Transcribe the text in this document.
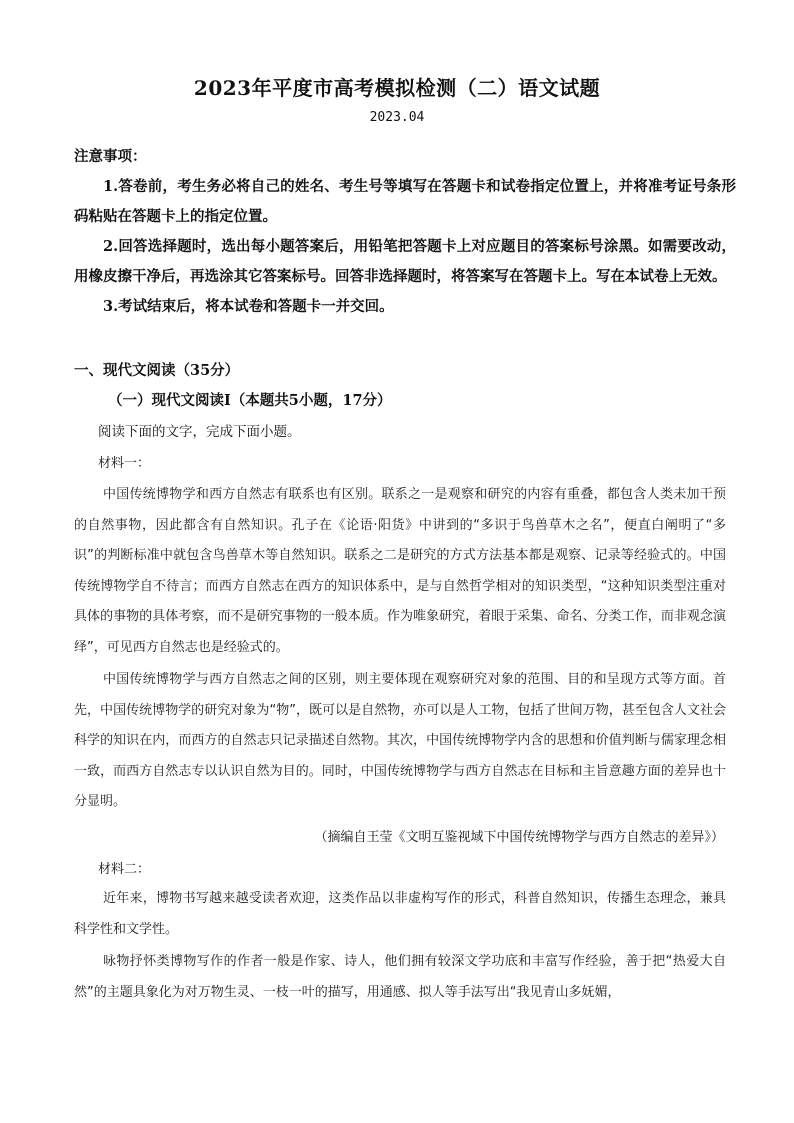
2023年平度市高考模拟检测（二）语文试题
2023.04

注意事项：

1.答卷前，考生务必将自己的姓名、考生号等填写在答题卡和试卷指定位置上，并将准考证号条形码粘贴在答题卡上的指定位置。

2.回答选择题时，选出每小题答案后，用铅笔把答题卡上对应题目的答案标号涂黑。如需要改动，用橡皮擦干净后，再选涂其它答案标号。回答非选择题时，将答案写在答题卡上。写在本试卷上无效。

3.考试结束后，将本试卷和答题卡一并交回。

一、现代文阅读（35分）
（一）现代文阅读Ⅰ（本题共5小题，17分）
阅读下面的文字，完成下面小题。
材料一：

中国传统博物学和西方自然志有联系也有区别。联系之一是观察和研究的内容有重叠，都包含人类未加干预的自然事物，因此都含有自然知识。孔子在《论语·阳货》中讲到的“多识于鸟兽草木之名”，便直白阐明了“多识”的判断标准中就包含鸟兽草木等自然知识。联系之二是研究的方式方法基本都是观察、记录等经验式的。中国传统博物学自不待言；而西方自然志在西方的知识体系中，是与自然哲学相对的知识类型，“这种知识类型注重对具体的事物的具体考察，而不是研究事物的一般本质。作为唯象研究，着眼于采集、命名、分类工作，而非观念演绎”，可见西方自然志也是经验式的。

中国传统博物学与西方自然志之间的区别，则主要体现在观察研究对象的范围、目的和呈现方式等方面。首先，中国传统博物学的研究对象为“物”，既可以是自然物，亦可以是人工物，包括了世间万物，甚至包含人文社会科学的知识在内，而西方的自然志只记录描述自然物。其次，中国传统博物学内含的思想和价值判断与儒家理念相一致，而西方自然志专以认识自然为目的。同时，中国传统博物学与西方自然志在目标和主旨意趣方面的差异也十分显明。

（摘编自王莹《文明互鉴视域下中国传统博物学与西方自然志的差异》）
材料二：

近年来，博物书写越来越受读者欢迎，这类作品以非虚构写作的形式，科普自然知识，传播生态理念，兼具科学性和文学性。

咏物抒怀类博物写作的作者一般是作家、诗人，他们拥有较深文学功底和丰富写作经验，善于把“热爱大自然”的主题具象化为对万物生灵、一枝一叶的描写，用通感、拟人等手法写出“我见青山多妩媚，
